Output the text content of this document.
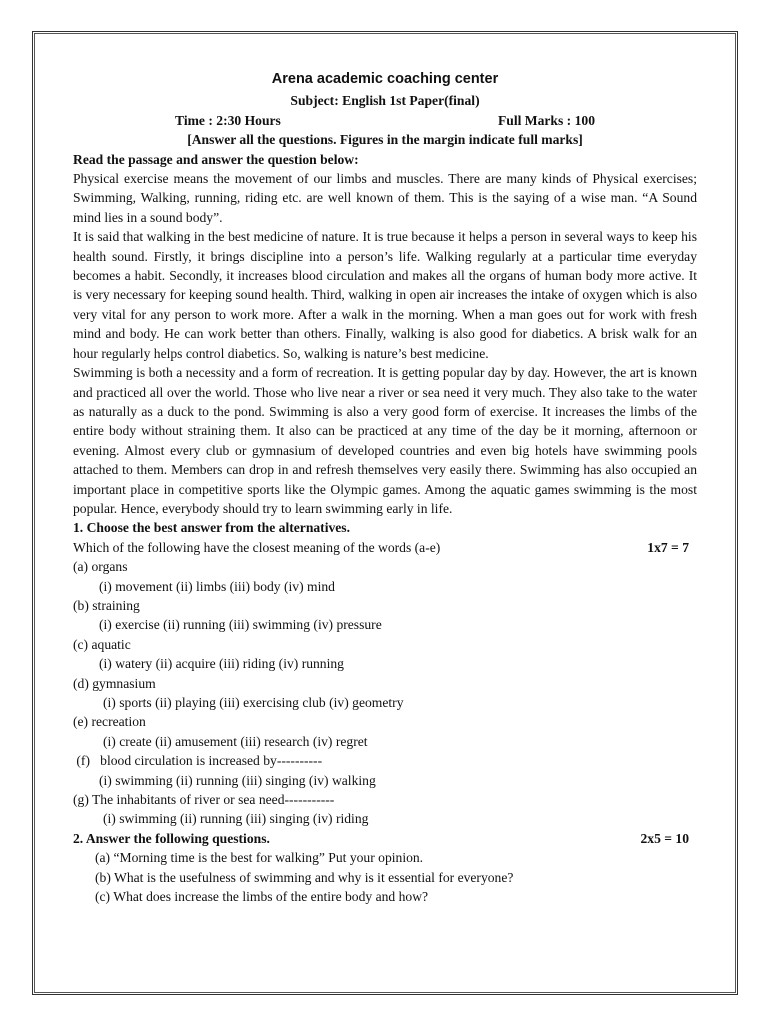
Arena academic coaching center
Subject: English 1st Paper(final)
Time : 2:30 Hours	Full Marks : 100
[Answer all the questions. Figures in the margin indicate full marks]
Read the passage and answer the question below:

Physical exercise means the movement of our limbs and muscles. There are many kinds of Physical exercises; Swimming, Walking, running, riding etc. are well known of them. This is the saying of a wise man. “A Sound mind lies in a sound body”.

It is said that walking in the best medicine of nature. It is true because it helps a person in several ways to keep his health sound. Firstly, it brings discipline into a person’s life. Walking regularly at a particular time everyday becomes a habit. Secondly, it increases blood circulation and makes all the organs of human body more active. It is very necessary for keeping sound health. Third, walking in open air increases the intake of oxygen which is also very vital for any person to work more. After a walk in the morning. When a man goes out for work with fresh mind and body. He can work better than others. Finally, walking is also good for diabetics. A brisk walk for an hour regularly helps control diabetics. So, walking is nature’s best medicine.

Swimming is both a necessity and a form of recreation. It is getting popular day by day. However, the art is known and practiced all over the world. Those who live near a river or sea need it very much. They also take to the water as naturally as a duck to the pond. Swimming is also a very good form of exercise. It increases the limbs of the entire body without straining them. It also can be practiced at any time of the day be it morning, afternoon or evening. Almost every club or gymnasium of developed countries and even big hotels have swimming pools attached to them. Members can drop in and refresh themselves very easily there. Swimming has also occupied an important place in competitive sports like the Olympic games. Among the aquatic games swimming is the most popular. Hence, everybody should try to learn swimming early in life.

1. Choose the best answer from the alternatives.
Which of the following have the closest meaning of the words (a-e)	1x7 = 7
(a) organs
(i) movement (ii) limbs (iii) body (iv) mind
(b) straining
(i) exercise (ii) running (iii) swimming (iv) pressure
(c) aquatic
(i) watery (ii) acquire (iii) riding (iv) running
(d) gymnasium
(i) sports (ii) playing (iii) exercising club (iv) geometry
(e) recreation
(i) create (ii) amusement (iii) research (iv) regret
(f)   blood circulation is increased by----------
(i) swimming (ii) running (iii) singing (iv) walking
(g) The inhabitants of river or sea need-----------
(i) swimming (ii) running (iii) singing (iv) riding
2. Answer the following questions.	2x5 = 10
(a) “Morning time is the best for walking” Put your opinion.
(b) What is the usefulness of swimming and why is it essential for everyone?
(c) What does increase the limbs of the entire body and how?
